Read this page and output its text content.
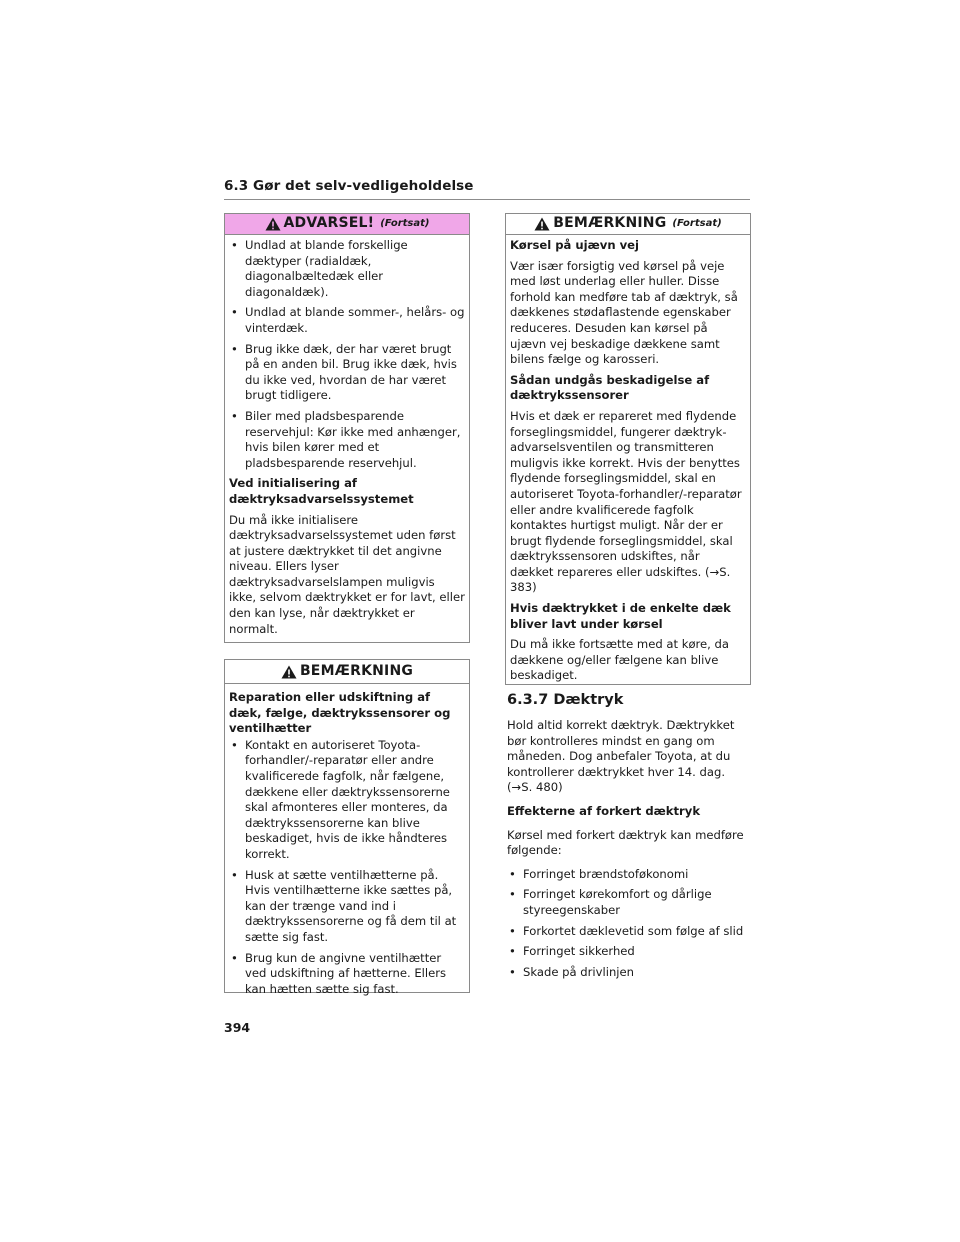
6.3 Gør det selv-vedligeholdelse
ADVARSEL! (Fortsat)
• Undlad at blande forskellige dæktyper (radialdæk, diagonalbæltedæk eller diagonaldæk).
• Undlad at blande sommer-, helårs- og vinterdæk.
• Brug ikke dæk, der har været brugt på en anden bil. Brug ikke dæk, hvis du ikke ved, hvordan de har været brugt tidligere.
• Biler med pladsbesparende reservehjul: Kør ikke med anhænger, hvis bilen kører med et pladsbesparende reservehjul.

Ved initialisering af dæktryksadvarselssystemet

Du må ikke initialisere dæktryksadvarselssystemet uden først at justere dæktrykket til det angivne niveau. Ellers lyser dæktryksadvarselslampen muligvis ikke, selvom dæktrykket er for lavt, eller den kan lyse, når dæktrykket er normalt.

BEMÆRKNING

Reparation eller udskiftning af dæk, fælge, dæktrykssensorer og ventilhætter

• Kontakt en autoriseret Toyota-forhandler/-reparatør eller andre kvalificerede fagfolk, når fælgene, dækkene eller dæktrykssensorerne skal afmonteres eller monteres, da dæktrykssensorerne kan blive beskadiget, hvis de ikke håndteres korrekt.
• Husk at sætte ventilhætterne på. Hvis ventilhætterne ikke sættes på, kan der trænge vand ind i dæktrykssensorerne og få dem til at sætte sig fast.
• Brug kun de angivne ventilhætter ved udskiftning af hætterne. Ellers kan hætten sætte sig fast.
BEMÆRKNING (Fortsat)

Kørsel på ujævn vej

Vær især forsigtig ved kørsel på veje med løst underlag eller huller. Disse forhold kan medføre tab af dæktryk, så dækkenes stødaflastende egenskaber reduceres. Desuden kan kørsel på ujævn vej beskadige dækkene samt bilens fælge og karosseri.

Sådan undgås beskadigelse af dæktrykssensorer

Hvis et dæk er repareret med flydende forseglingsmiddel, fungerer dæktryk-advarselsventilen og transmitteren muligvis ikke korrekt. Hvis der benyttes flydende forseglingsmiddel, skal en autoriseret Toyota-forhandler/-reparatør eller andre kvalificerede fagfolk kontaktes hurtigst muligt. Når der er brugt flydende forseglingsmiddel, skal dæktrykssensoren udskiftes, når dækket repareres eller udskiftes. (→S. 383)

Hvis dæktrykket i de enkelte dæk bliver lavt under kørsel

Du må ikke fortsætte med at køre, da dækkene og/eller fælgene kan blive beskadiget.

6.3.7 Dæktryk

Hold altid korrekt dæktryk. Dæktrykket bør kontrolleres mindst en gang om måneden. Dog anbefaler Toyota, at du kontrollerer dæktrykket hver 14. dag. (→S. 480)

Effekterne af forkert dæktryk

Kørsel med forkert dæktryk kan medføre følgende:

• Forringet brændstoføkonomi
• Forringet kørekomfort og dårlige styreegenskaber
• Forkortet dæklevetid som følge af slid
• Forringet sikkerhed
• Skade på drivlinjen
394
